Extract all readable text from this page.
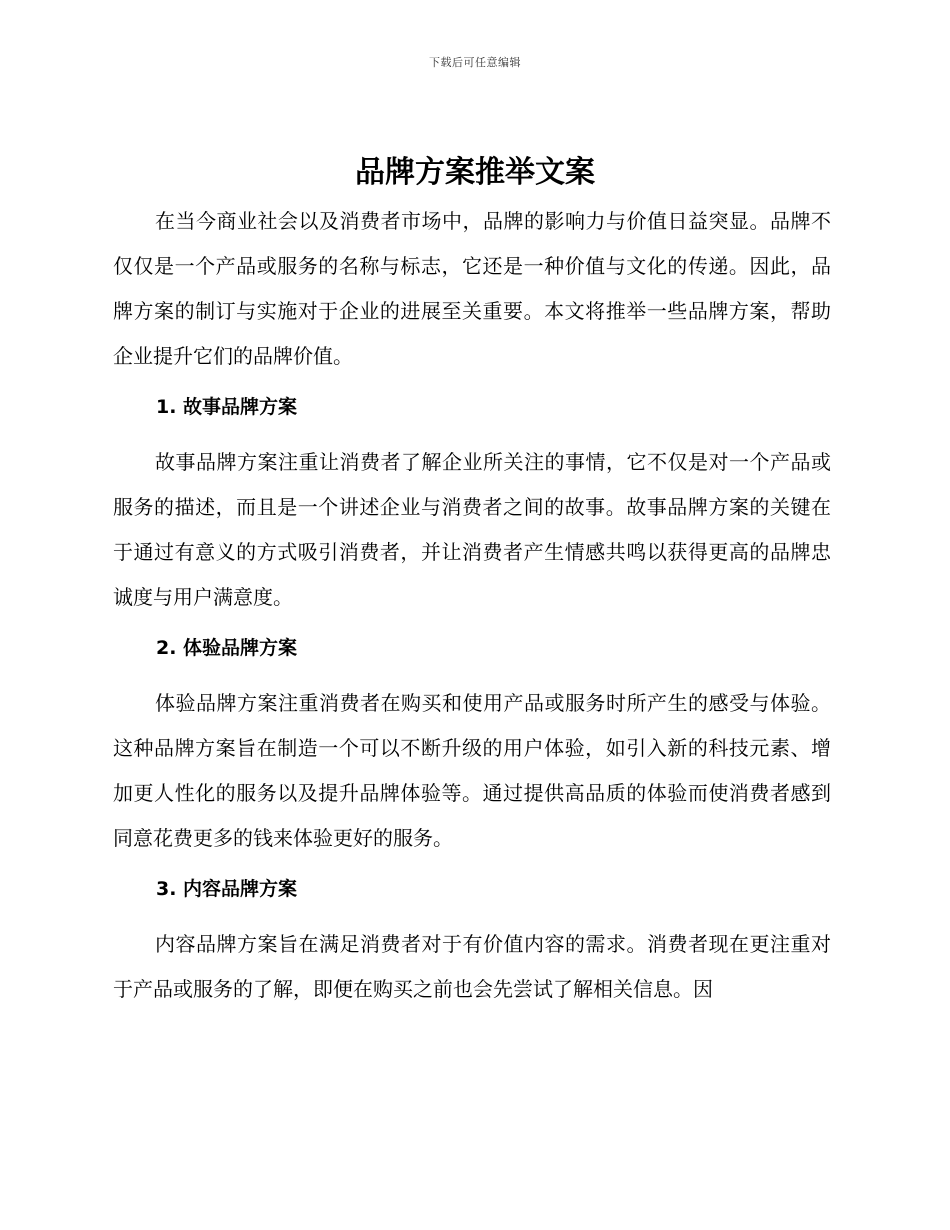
下载后可任意编辑
品牌方案推举文案

在当今商业社会以及消费者市场中，品牌的影响力与价值日益突显。品牌不仅仅是一个产品或服务的名称与标志，它还是一种价值与文化的传递。因此，品牌方案的制订与实施对于企业的进展至关重要。本文将推举一些品牌方案，帮助企业提升它们的品牌价值。

1. 故事品牌方案

故事品牌方案注重让消费者了解企业所关注的事情，它不仅是对一个产品或服务的描述，而且是一个讲述企业与消费者之间的故事。故事品牌方案的关键在于通过有意义的方式吸引消费者，并让消费者产生情感共鸣以获得更高的品牌忠诚度与用户满意度。

2. 体验品牌方案

体验品牌方案注重消费者在购买和使用产品或服务时所产生的感受与体验。这种品牌方案旨在制造一个可以不断升级的用户体验，如引入新的科技元素、增加更人性化的服务以及提升品牌体验等。通过提供高品质的体验而使消费者感到同意花费更多的钱来体验更好的服务。

3. 内容品牌方案

内容品牌方案旨在满足消费者对于有价值内容的需求。消费者现在更注重对于产品或服务的了解，即便在购买之前也会先尝试了解相关信息。因
